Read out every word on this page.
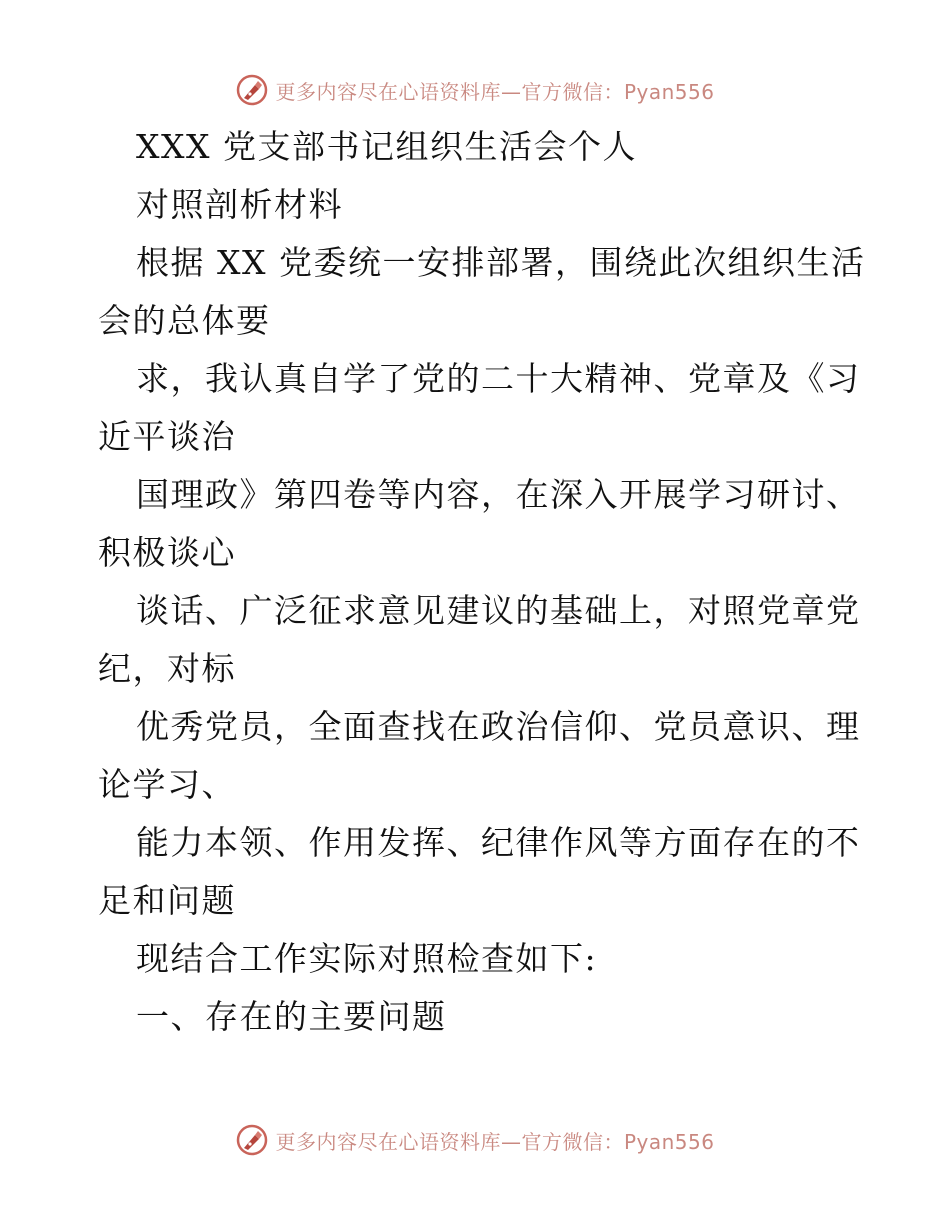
更多内容尽在心语资料库—官方微信：Pyan556
XXX 党支部书记组织生活会个人
对照剖析材料
根据 XX 党委统一安排部署，围绕此次组织生活
会的总体要
求，我认真自学了党的二十大精神、党章及《习
近平谈治
国理政》第四卷等内容，在深入开展学习研讨、
积极谈心
谈话、广泛征求意见建议的基础上，对照党章党
纪，对标
优秀党员，全面查找在政治信仰、党员意识、理
论学习、
能力本领、作用发挥、纪律作风等方面存在的不
足和问题
现结合工作实际对照检查如下:
一、存在的主要问题
更多内容尽在心语资料库—官方微信：Pyan556
